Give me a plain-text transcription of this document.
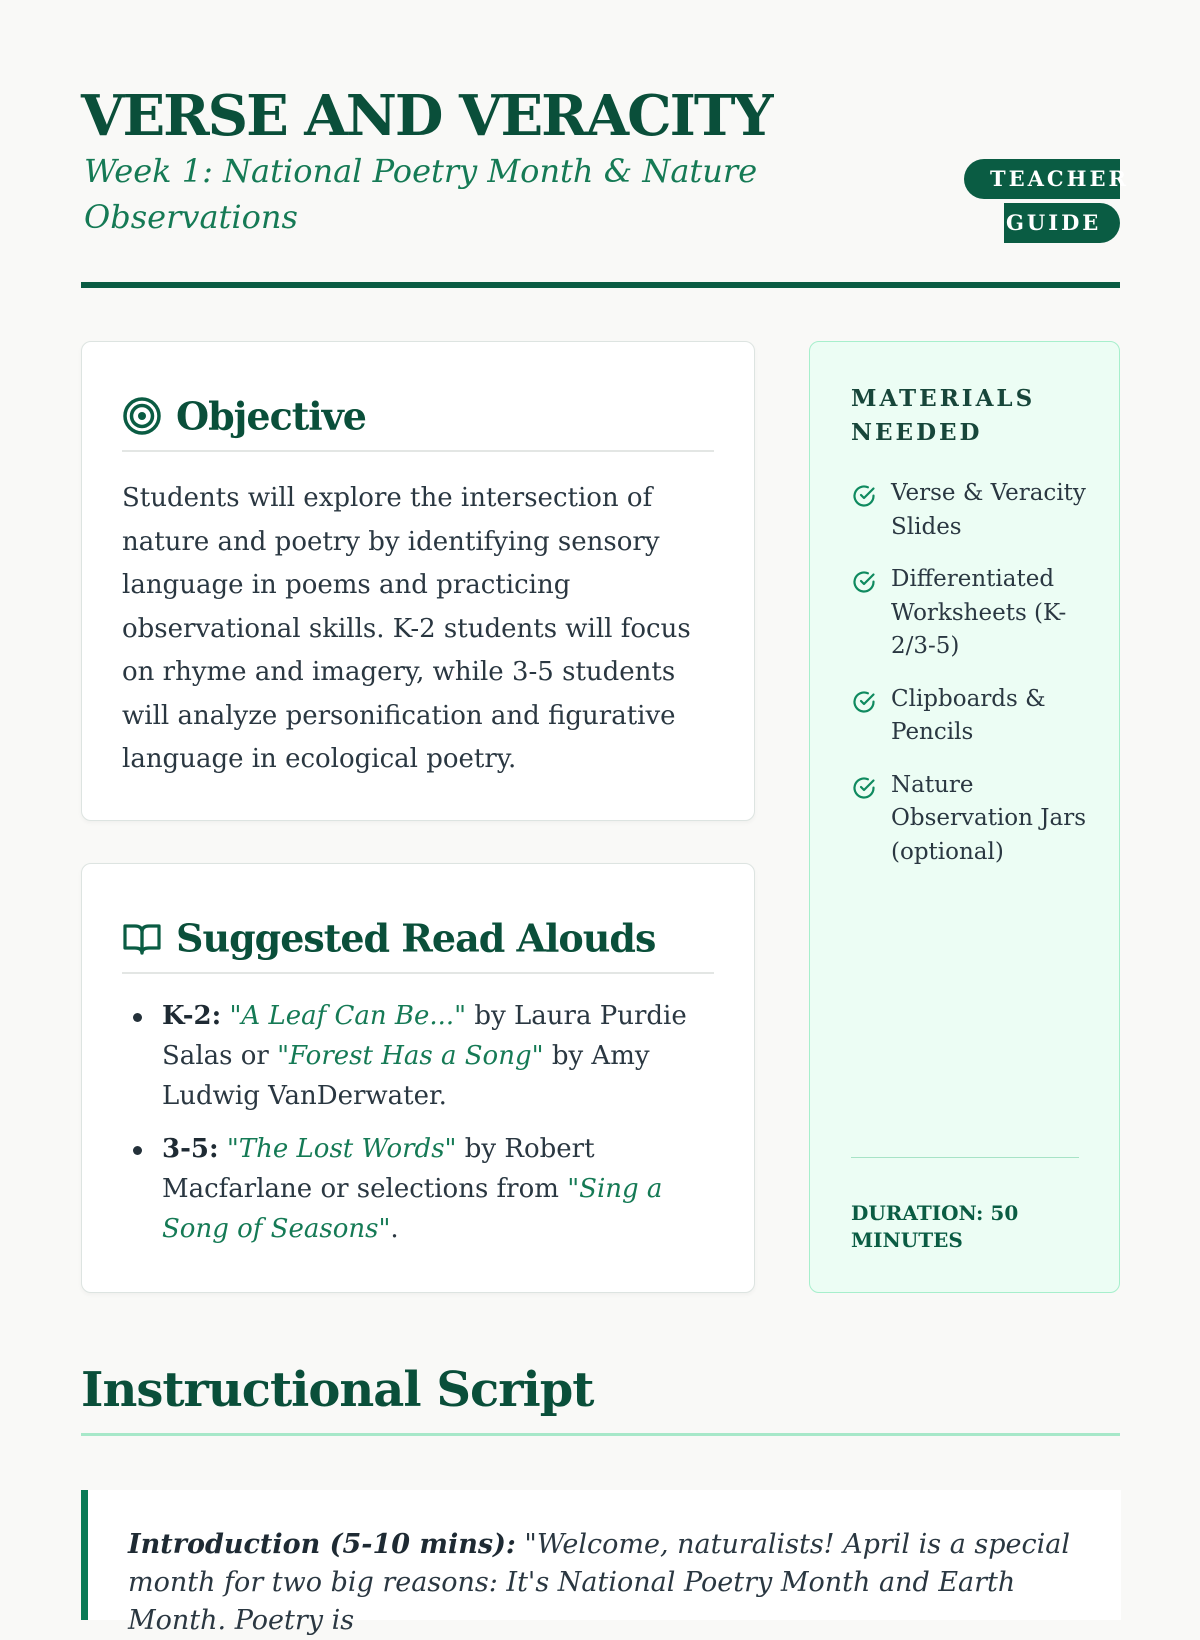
VERSE AND VERACITY
Week 1: National Poetry Month & Nature Observations
TEACHER
GUIDE
Objective

Students will explore the intersection of nature and poetry by identifying sensory language in poems and practicing observational skills. K-2 students will focus on rhyme and imagery, while 3-5 students will analyze personification and figurative language in ecological poetry.

Suggested Read Alouds
K-2: "A Leaf Can Be..." by Laura Purdie Salas or "Forest Has a Song" by Amy Ludwig VanDerwater.
3-5: "The Lost Words" by Robert Macfarlane or selections from "Sing a Song of Seasons".
MATERIALS NEEDED
Verse & Veracity Slides
Differentiated Worksheets (K-2/3-5)
Clipboards & Pencils
Nature Observation Jars (optional)
DURATION: 50 MINUTES
Instructional Script

Introduction (5-10 mins): "Welcome, naturalists! April is a special month for two big reasons: It's National Poetry Month and Earth Month. Poetry is
